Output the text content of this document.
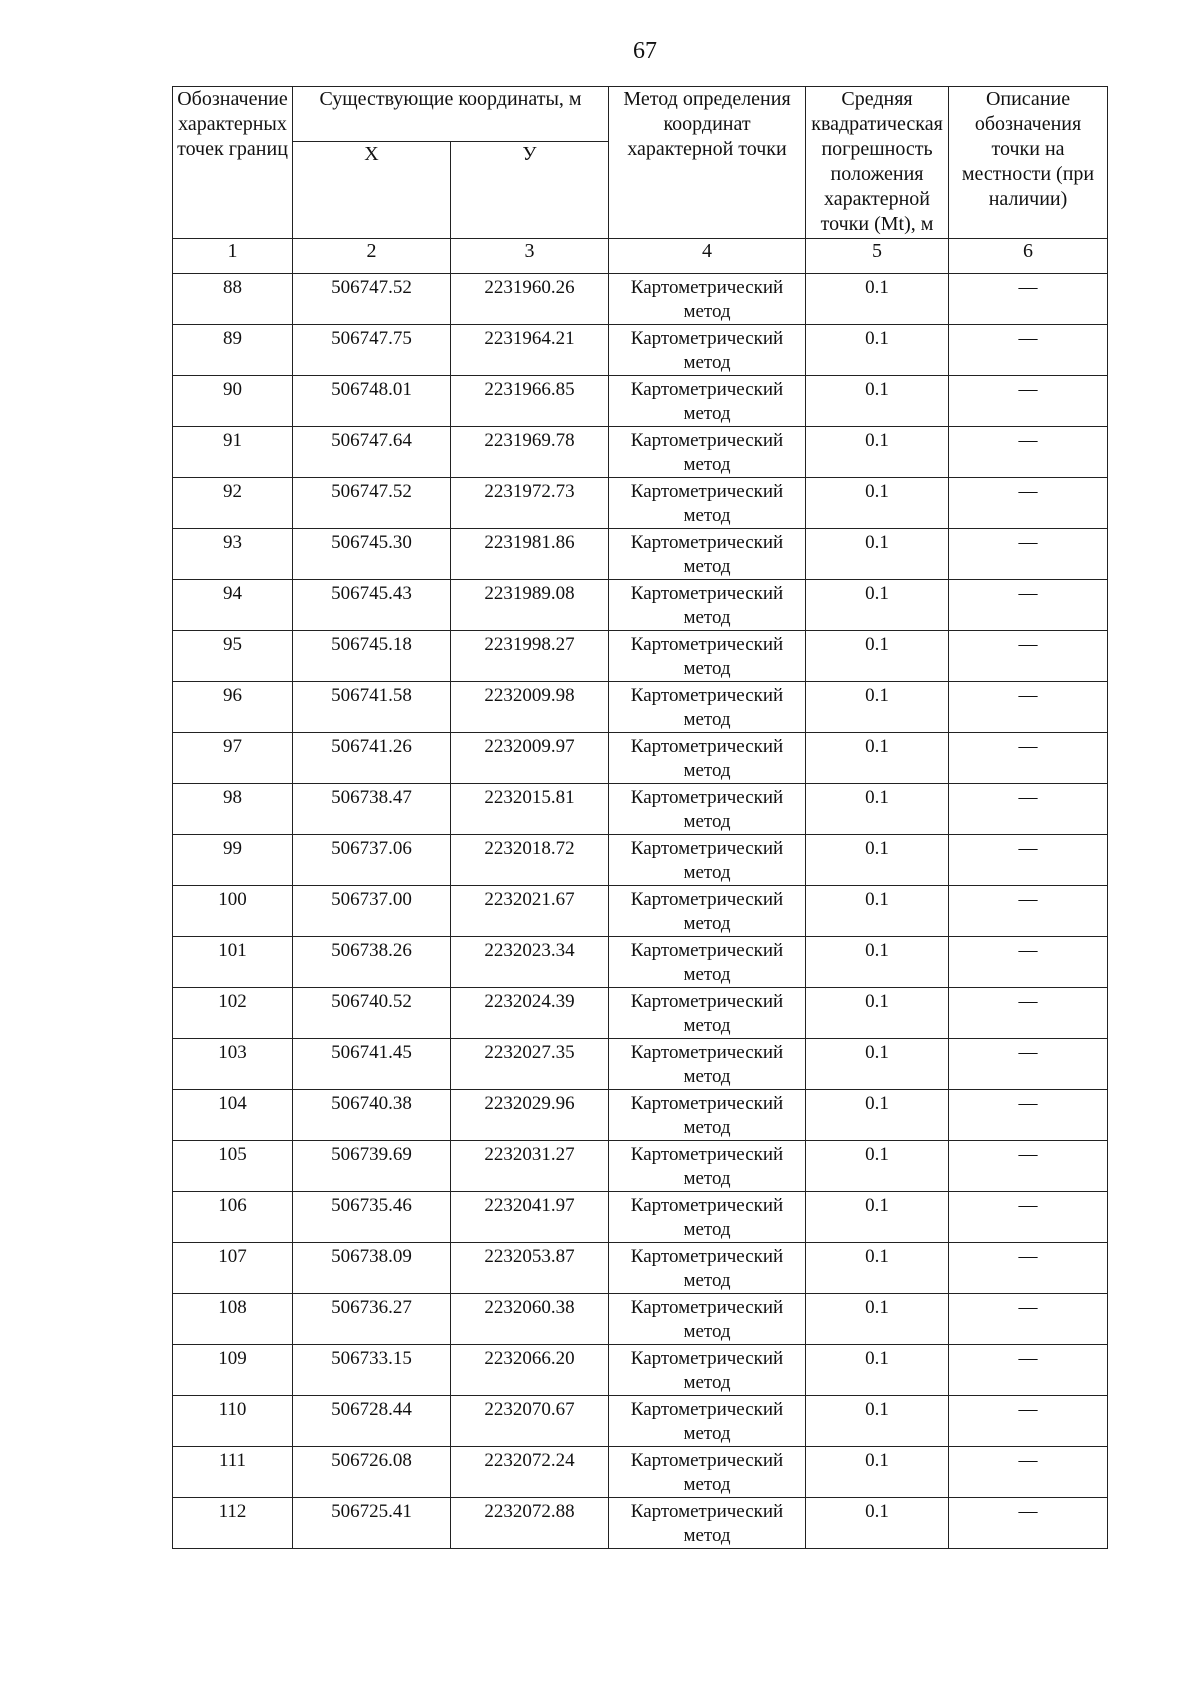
67
Обозначение характерных точек границ	Существующие координаты, м		Метод определения координат характерной точки	Средняя квадратическая погрешность положения характерной точки (Mt), м	Описание обозначения точки на местности (при наличии)
	X	У			
1	2	3	4	5	6
88	506747.52	2231960.26	Картометрический метод	0.1	—
89	506747.75	2231964.21	Картометрический метод	0.1	—
90	506748.01	2231966.85	Картометрический метод	0.1	—
91	506747.64	2231969.78	Картометрический метод	0.1	—
92	506747.52	2231972.73	Картометрический метод	0.1	—
93	506745.30	2231981.86	Картометрический метод	0.1	—
94	506745.43	2231989.08	Картометрический метод	0.1	—
95	506745.18	2231998.27	Картометрический метод	0.1	—
96	506741.58	2232009.98	Картометрический метод	0.1	—
97	506741.26	2232009.97	Картометрический метод	0.1	—
98	506738.47	2232015.81	Картометрический метод	0.1	—
99	506737.06	2232018.72	Картометрический метод	0.1	—
100	506737.00	2232021.67	Картометрический метод	0.1	—
101	506738.26	2232023.34	Картометрический метод	0.1	—
102	506740.52	2232024.39	Картометрический метод	0.1	—
103	506741.45	2232027.35	Картометрический метод	0.1	—
104	506740.38	2232029.96	Картометрический метод	0.1	—
105	506739.69	2232031.27	Картометрический метод	0.1	—
106	506735.46	2232041.97	Картометрический метод	0.1	—
107	506738.09	2232053.87	Картометрический метод	0.1	—
108	506736.27	2232060.38	Картометрический метод	0.1	—
109	506733.15	2232066.20	Картометрический метод	0.1	—
110	506728.44	2232070.67	Картометрический метод	0.1	—
111	506726.08	2232072.24	Картометрический метод	0.1	—
112	506725.41	2232072.88	Картометрический метод	0.1	—
